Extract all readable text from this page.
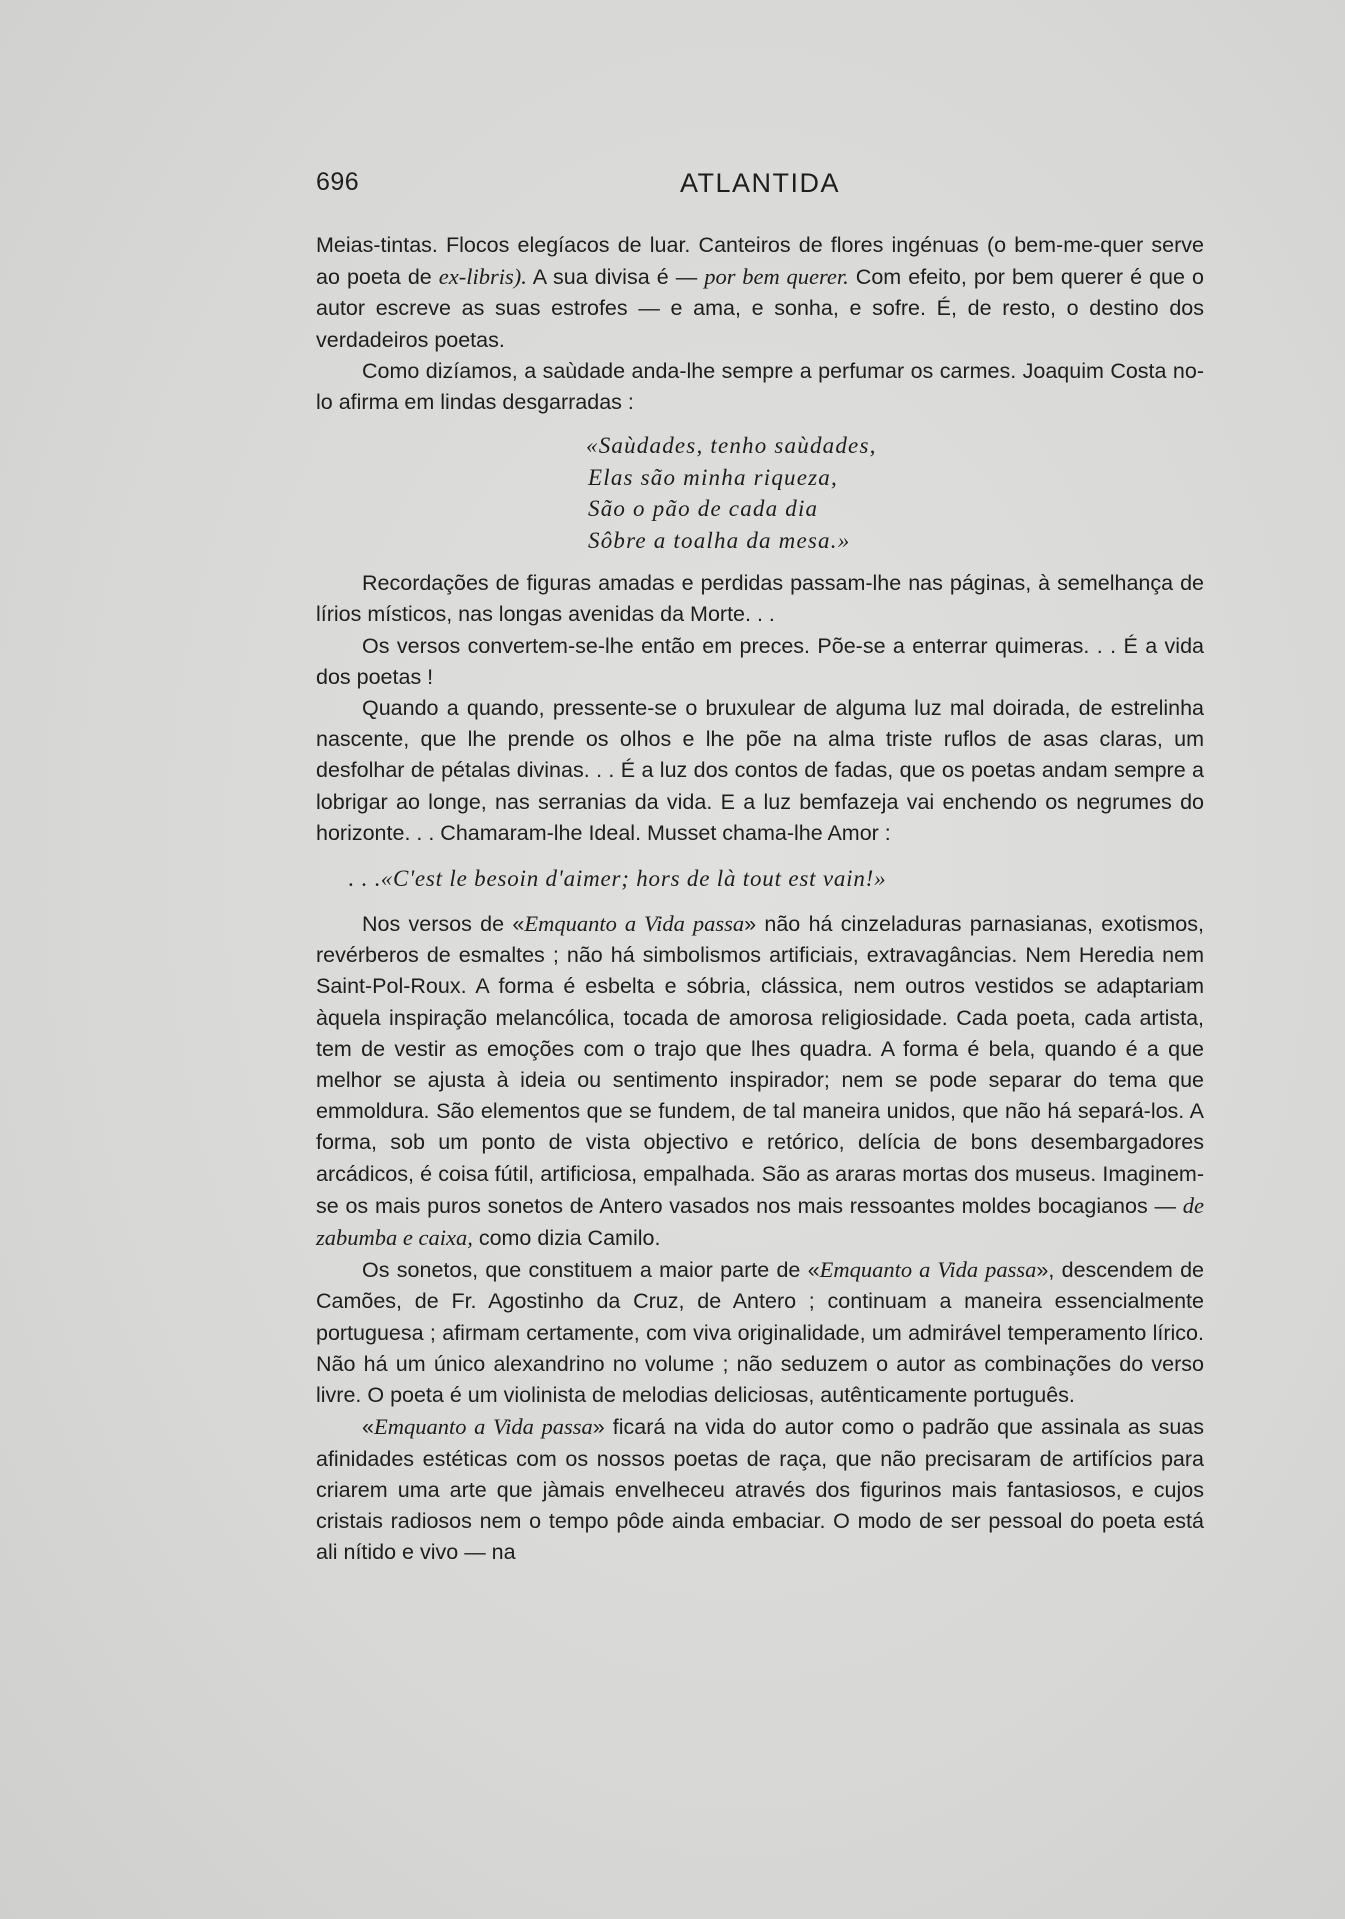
696	ATLANTIDA

Meias-tintas. Flocos elegíacos de luar. Canteiros de flores ingénuas (o bem-me-quer serve ao poeta de ex-libris). A sua divisa é — por bem querer. Com efeito, por bem querer é que o autor escreve as suas estrofes — e ama, e sonha, e sofre. É, de resto, o destino dos verdadeiros poetas.

Como dizíamos, a saùdade anda-lhe sempre a perfumar os carmes. Joaquim Costa no-lo afirma em lindas desgarradas :

«Saùdades, tenho saùdades,
Elas são minha riqueza,
São o pão de cada dia
Sôbre a toalha da mesa.»

Recordações de figuras amadas e perdidas passam-lhe nas páginas, à semelhança de lírios místicos, nas longas avenidas da Morte. . .

Os versos convertem-se-lhe então em preces. Põe-se a enterrar quimeras. . . É a vida dos poetas !

Quando a quando, pressente-se o bruxulear de alguma luz mal doirada, de estrelinha nascente, que lhe prende os olhos e lhe põe na alma triste ruflos de asas claras, um desfolhar de pétalas divinas. . . É a luz dos contos de fadas, que os poetas andam sempre a lobrigar ao longe, nas serranias da vida. E a luz bemfazeja vai enchendo os negrumes do horizonte. . . Chamaram-lhe Ideal. Musset chama-lhe Amor :

. . .«C'est le besoin d'aimer; hors de là tout est vain!»

Nos versos de «Emquanto a Vida passa» não há cinzeladuras parnasianas, exotismos, revérberos de esmaltes ; não há simbolismos artificiais, extravagâncias. Nem Heredia nem Saint-Pol-Roux. A forma é esbelta e sóbria, clássica, nem outros vestidos se adaptariam àquela inspiração melancólica, tocada de amorosa religiosidade. Cada poeta, cada artista, tem de vestir as emoções com o trajo que lhes quadra. A forma é bela, quando é a que melhor se ajusta à ideia ou sentimento inspirador; nem se pode separar do tema que emmoldura. São elementos que se fundem, de tal maneira unidos, que não há separá-los. A forma, sob um ponto de vista objectivo e retórico, delícia de bons desembargadores arcádicos, é coisa fútil, artificiosa, empalhada. São as araras mortas dos museus. Imaginem-se os mais puros sonetos de Antero vasados nos mais ressoantes moldes bocagianos — de zabumba e caixa, como dizia Camilo.

Os sonetos, que constituem a maior parte de «Emquanto a Vida passa», descendem de Camões, de Fr. Agostinho da Cruz, de Antero ; continuam a maneira essencialmente portuguesa ; afirmam certamente, com viva originalidade, um admirável temperamento lírico. Não há um único alexandrino no volume ; não seduzem o autor as combinações do verso livre. O poeta é um violinista de melodias deliciosas, autênticamente português.

«Emquanto a Vida passa» ficará na vida do autor como o padrão que assinala as suas afinidades estéticas com os nossos poetas de raça, que não precisaram de artifícios para criarem uma arte que jàmais envelheceu através dos figurinos mais fantasiosos, e cujos cristais radiosos nem o tempo pôde ainda embaciar. O modo de ser pessoal do poeta está ali nítido e vivo — na
